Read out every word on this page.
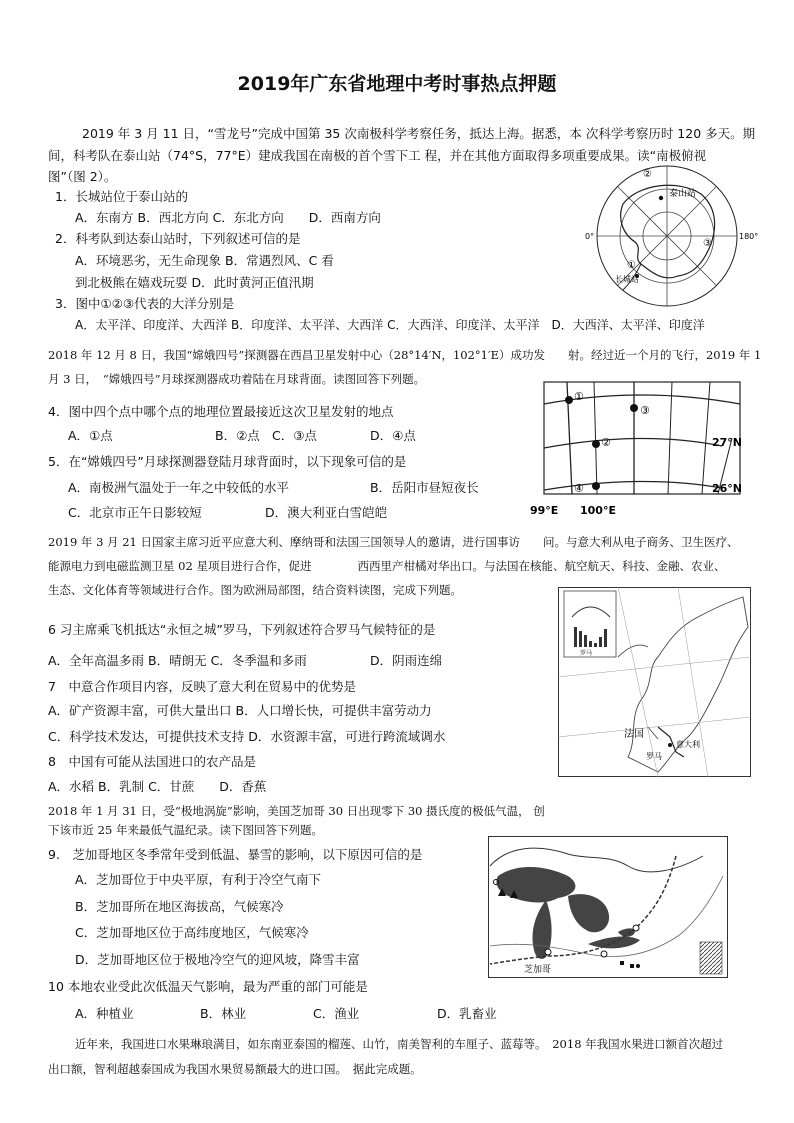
2019年广东省地理中考时事热点押题
2019 年 3 月 11 日，“雪龙号”完成中国第 35 次南极科学考察任务，抵达上海。据悉，本 次科学考察历时 120 多天。期
间，科考队在泰山站（74°S，77°E）建成我国在南极的首个雪下工 程，并在其他方面取得多项重要成果。读“南极俯视
图”（图 2）。
1．长城站位于泰山站的
A．东南方 B．西北方向 C．东北方向　　D．西南方向
2．科考队到达泰山站时，下列叙述可信的是
A．环境恶劣，无生命现象 B．常遇烈风、C 看
到北极熊在嬉戏玩耍 D．此时黄河正值汛期
3．图中①②③代表的大洋分别是
A．太平洋、印度洋、大西洋 B．印度洋、太平洋、大西洋 C．大西洋、印度洋、太平洋　D．大西洋、太平洋、印度洋
泰山站
长城站
0°	180°
②
③
①
2018 年 12 月 8 日，我国“嫦娥四号”探测器在西昌卫星发射中心（28°14′N，102°1′E）成功发　　射。经过近一个月的飞行，2019 年 1
月 3 日，　“嫦娥四号”月球探测器成功着陆在月球背面。读图回答下列题。
4．图中四个点中哪个点的地理位置最接近这次卫星发射的地点
A．①点	B．②点 C．③点	D．④点
5．在“嫦娥四号”月球探测器登陆月球背面时，以下现象可信的是
A．南极洲气温处于一年之中较低的水平	B．岳阳市昼短夜长
C．北京市正午日影较短	D．澳大利亚白雪皑皑
①
③
②
④
27°N
26°N
99°E 100°E
2019 年 3 月 21 日国家主席习近平应意大利、摩纳哥和法国三国领导人的邀请，进行国事访　　问。与意大利从电子商务、卫生医疗、
能源电力到电磁监测卫星 02 星项目进行合作，促进　　　　西西里产柑橘对华出口。与法国在核能、航空航天、科技、金融、农业、
生态、文化体育等领域进行合作。图为欧洲局部图，结合资料读图，完成下列题。
6 习主席乘飞机抵达“永恒之城”罗马，下列叙述符合罗马气候特征的是
A．全年高温多雨 B．晴朗无 C．冬季温和多雨	D．阴雨连绵
7　中意合作项目内容，反映了意大利在贸易中的优势是
A．矿产资源丰富，可供大量出口 B．人口增长快，可提供丰富劳动力
C．科学技术发达，可提供技术支持 D．水资源丰富，可进行跨流域调水
8　中国有可能从法国进口的农产品是
A．水稻 B．乳制 C．甘蔗　　D．香蕉
罗马
法国
罗马
意大利
2018 年 1 月 31 日，受“极地涡旋”影响，美国芝加哥 30 日出现零下 30 摄氏度的极低气温， 创
下该市近 25 年来最低气温纪录。读下图回答下列题。
9.　芝加哥地区冬季常年受到低温、暴雪的影响，以下原因可信的是
A．芝加哥位于中央平原，有利于冷空气南下
B．芝加哥所在地区海拔高，气候寒冷
C．芝加哥地区位于高纬度地区，气候寒冷
D．芝加哥地区位于极地冷空气的迎风坡，降雪丰富
10 本地农业受此次低温天气影响，最为严重的部门可能是
A．种植业	B．林业	C．渔业	D．乳畜业
芝加哥
近年来，我国进口水果琳琅满目，如东南亚泰国的榴莲、山竹，南美智利的车厘子、蓝莓等。　2018 年我国水果进口额首次超过
出口额，智利超越泰国成为我国水果贸易额最大的进口国。　据此完成题。
